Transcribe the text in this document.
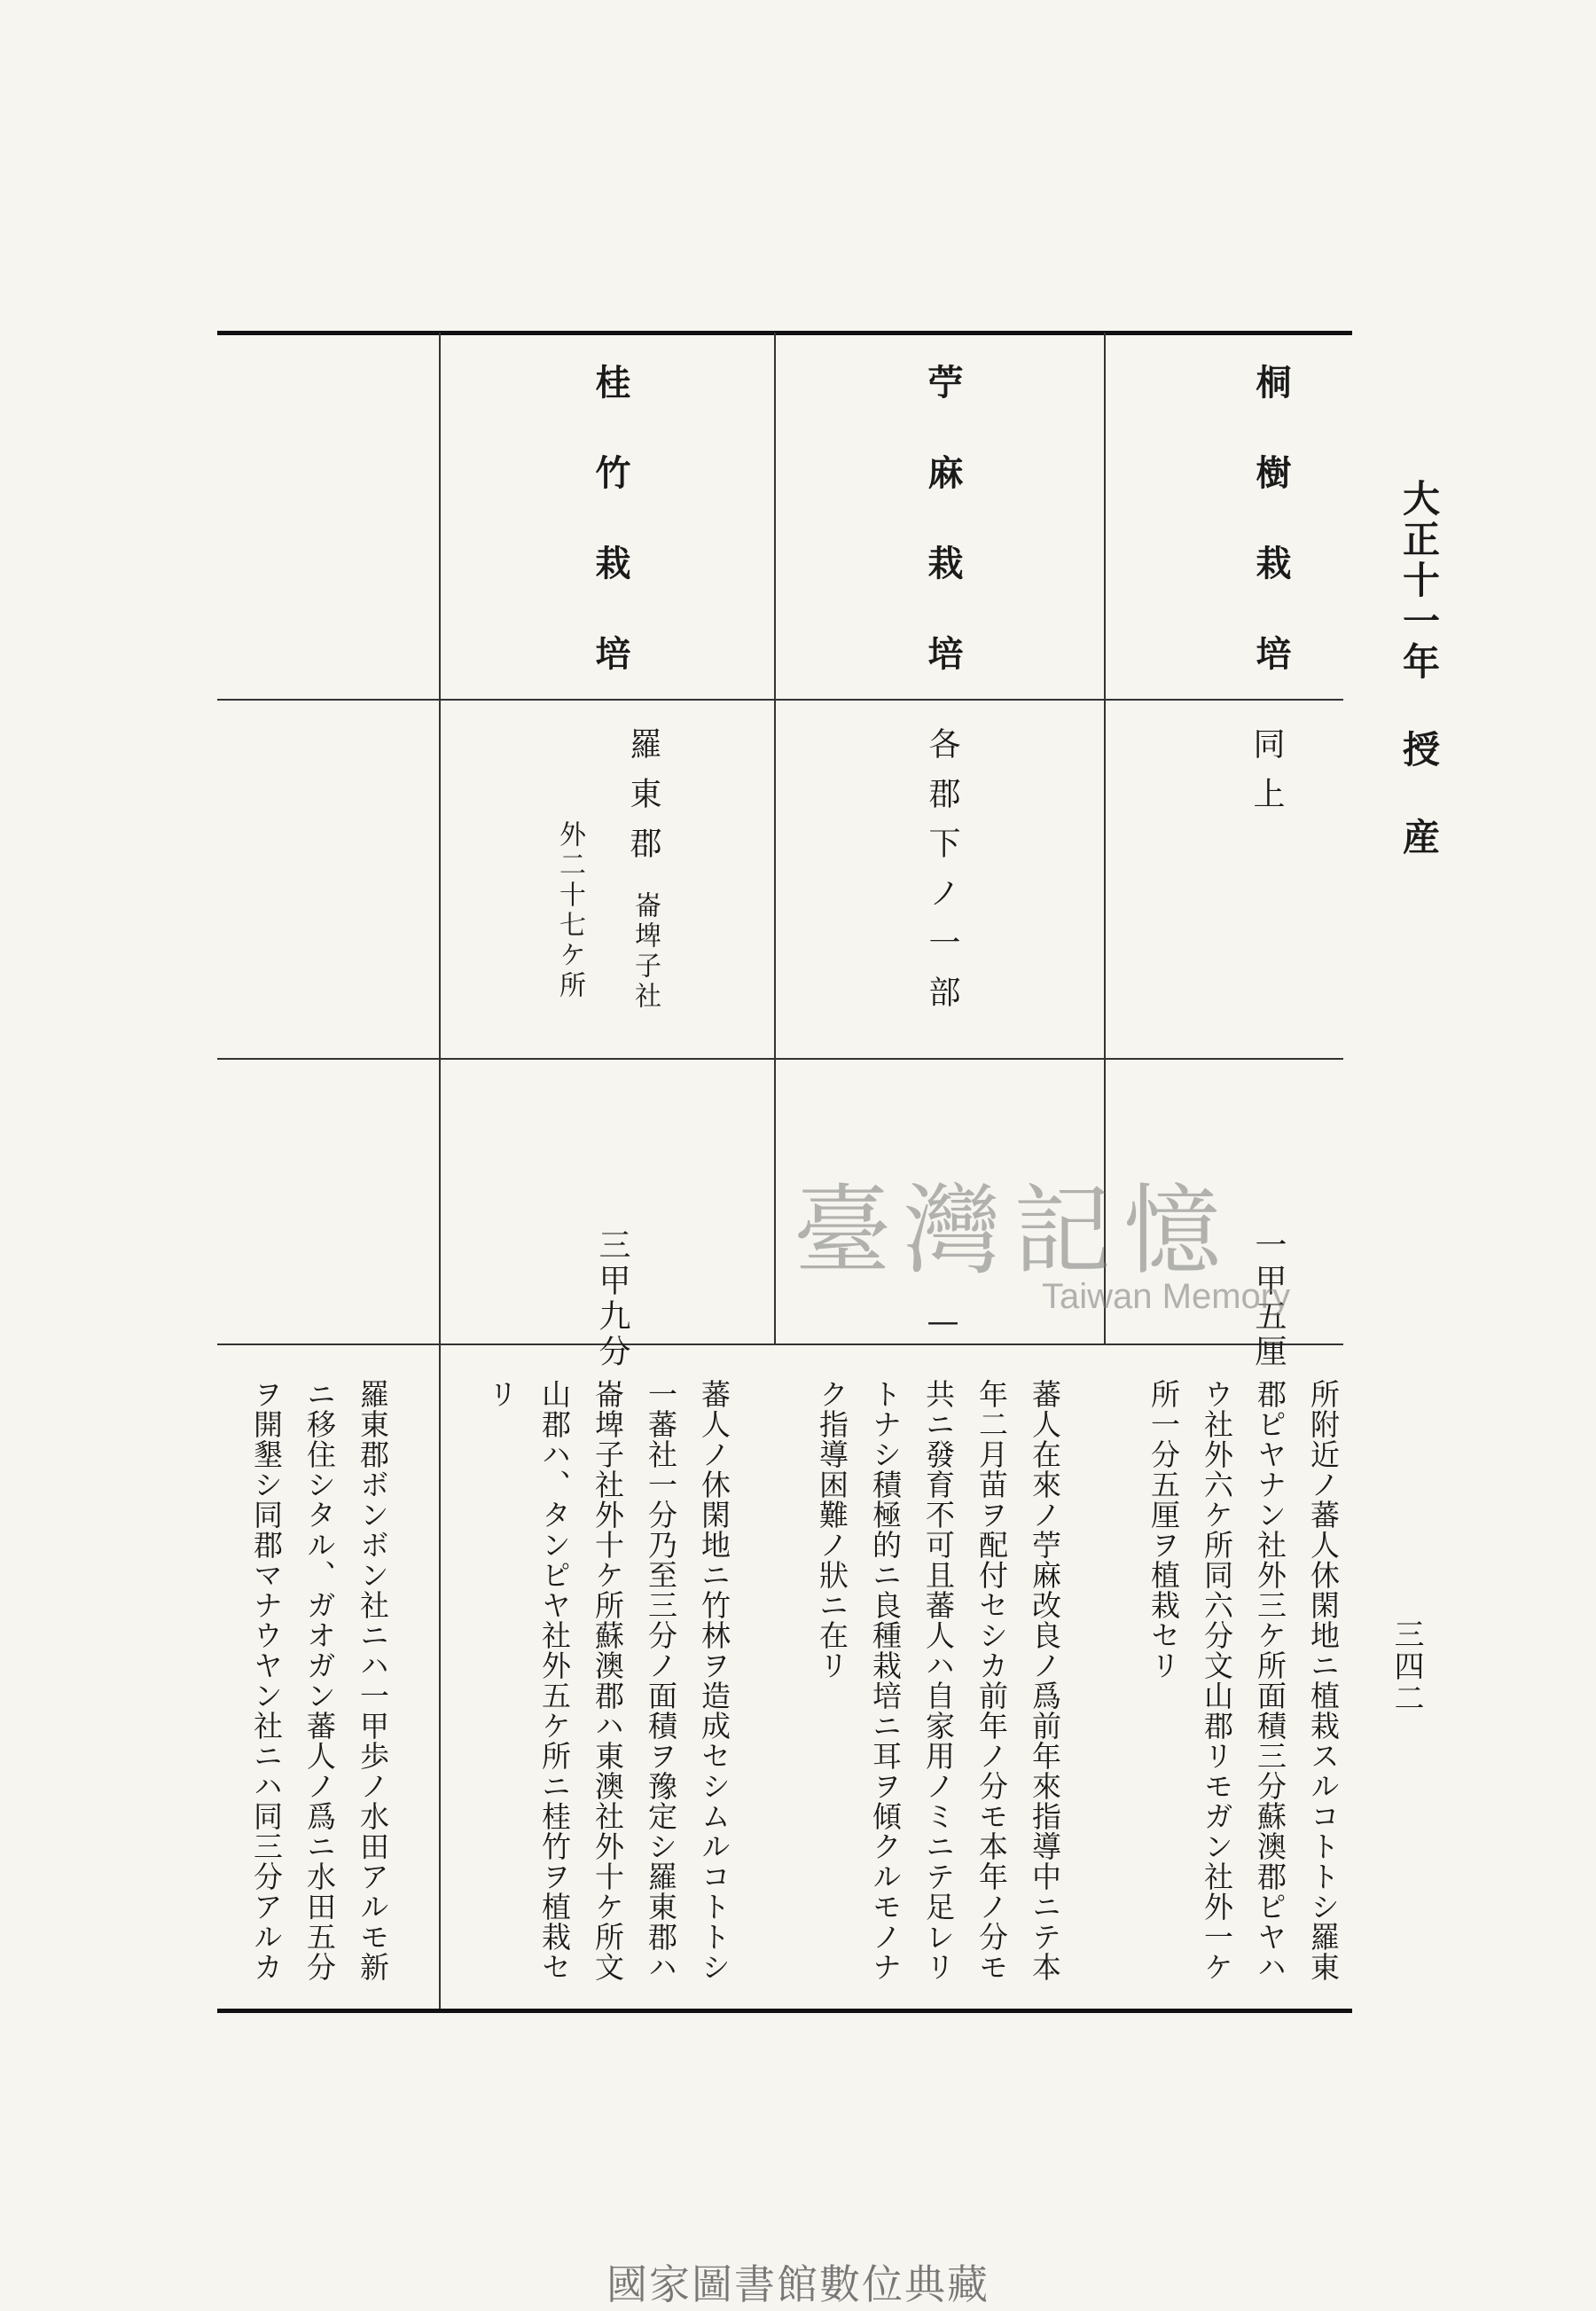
大正十一年 授 産
三四二
桐樹栽培
同上
一甲五厘
所附近ノ蕃人休閑地ニ植栽スルコトトシ羅東
郡ピヤナン社外三ケ所面積三分蘇澳郡ピヤハ
ウ社外六ケ所同六分文山郡リモガン社外一ケ
所一分五厘ヲ植栽セリ
苧麻栽培
各郡下ノ一部
—
蕃人在來ノ苧麻改良ノ爲前年來指導中ニテ本
年二月苗ヲ配付セシカ前年ノ分モ本年ノ分モ
共ニ發育不可且蕃人ハ自家用ノミニテ足レリ
トナシ積極的ニ良種栽培ニ耳ヲ傾クルモノナ
ク指導困難ノ狀ニ在リ
桂竹栽培
羅東郡
崙埤子社
外二十七ケ所
三甲九分
蕃人ノ休閑地ニ竹林ヲ造成セシムルコトトシ
一蕃社一分乃至三分ノ面積ヲ豫定シ羅東郡ハ
崙埤子社外十ケ所蘇澳郡ハ東澳社外十ケ所文
山郡ハ、タンピヤ社外五ケ所ニ桂竹ヲ植栽セ
リ
羅東郡ボンボン社ニハ一甲歩ノ水田アルモ新
ニ移住シタル、ガオガン蕃人ノ爲ニ水田五分
ヲ開墾シ同郡マナウヤン社ニハ同三分アルカ
臺灣記憶
Taiwan Memory
國家圖書館數位典藏
